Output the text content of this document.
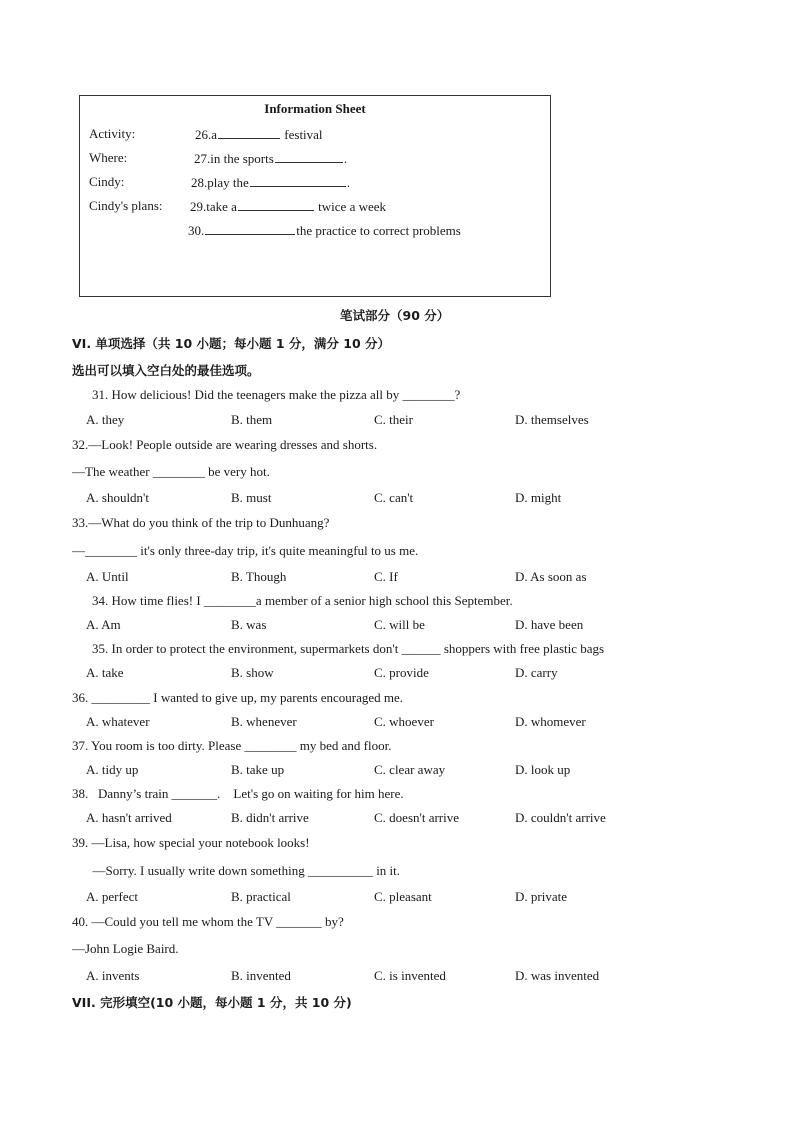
Information Sheet
Activity:	26.a	festival
Where:	27.in the sports	.
Cindy:	28.play the	.
Cindy's plans: 29.take a	twice a week
30.	the practice to correct problems
笔试部分（90 分）
VI. 单项选择（共 10 小题；每小题 1 分，满分 10 分）
选出可以填入空白处的最佳选项。
31. How delicious! Did the teenagers make the pizza all by ________?
A. they	B. them	C. their	D. themselves
32.—Look! People outside are wearing dresses and shorts.
—The weather ________ be very hot.
A. shouldn't	B. must	C. can't	D. might
33.—What do you think of the trip to Dunhuang?
—________ it's only three-day trip, it's quite meaningful to us me.
A. Until	B. Though	C. If	D. As soon as
34. How time flies! I ________a member of a senior high school this September.
A. Am	B. was	C. will be	D. have been
35. In order to protect the environment, supermarkets don't ______ shoppers with free plastic bags
A. take	B. show	C. provide	D. carry
36. _________ I wanted to give up, my parents encouraged me.
A. whatever	B. whenever	C. whoever	D. whomever
37. You room is too dirty. Please ________ my bed and floor.
A. tidy up	B. take up	C. clear away	D. look up
38.   Danny’s train _______.    Let's go on waiting for him here.
A. hasn't arrived	B. didn't arrive	C. doesn't arrive	D. couldn't arrive
39. —Lisa, how special your notebook looks!
—Sorry. I usually write down something __________ in it.
A. perfect	B. practical	C. pleasant	D. private
40. —Could you tell me whom the TV _______ by?
—John Logie Baird.
A. invents	B. invented	C. is invented	D. was invented
VII. 完形填空(10 小题，每小题 1 分，共 10 分)
